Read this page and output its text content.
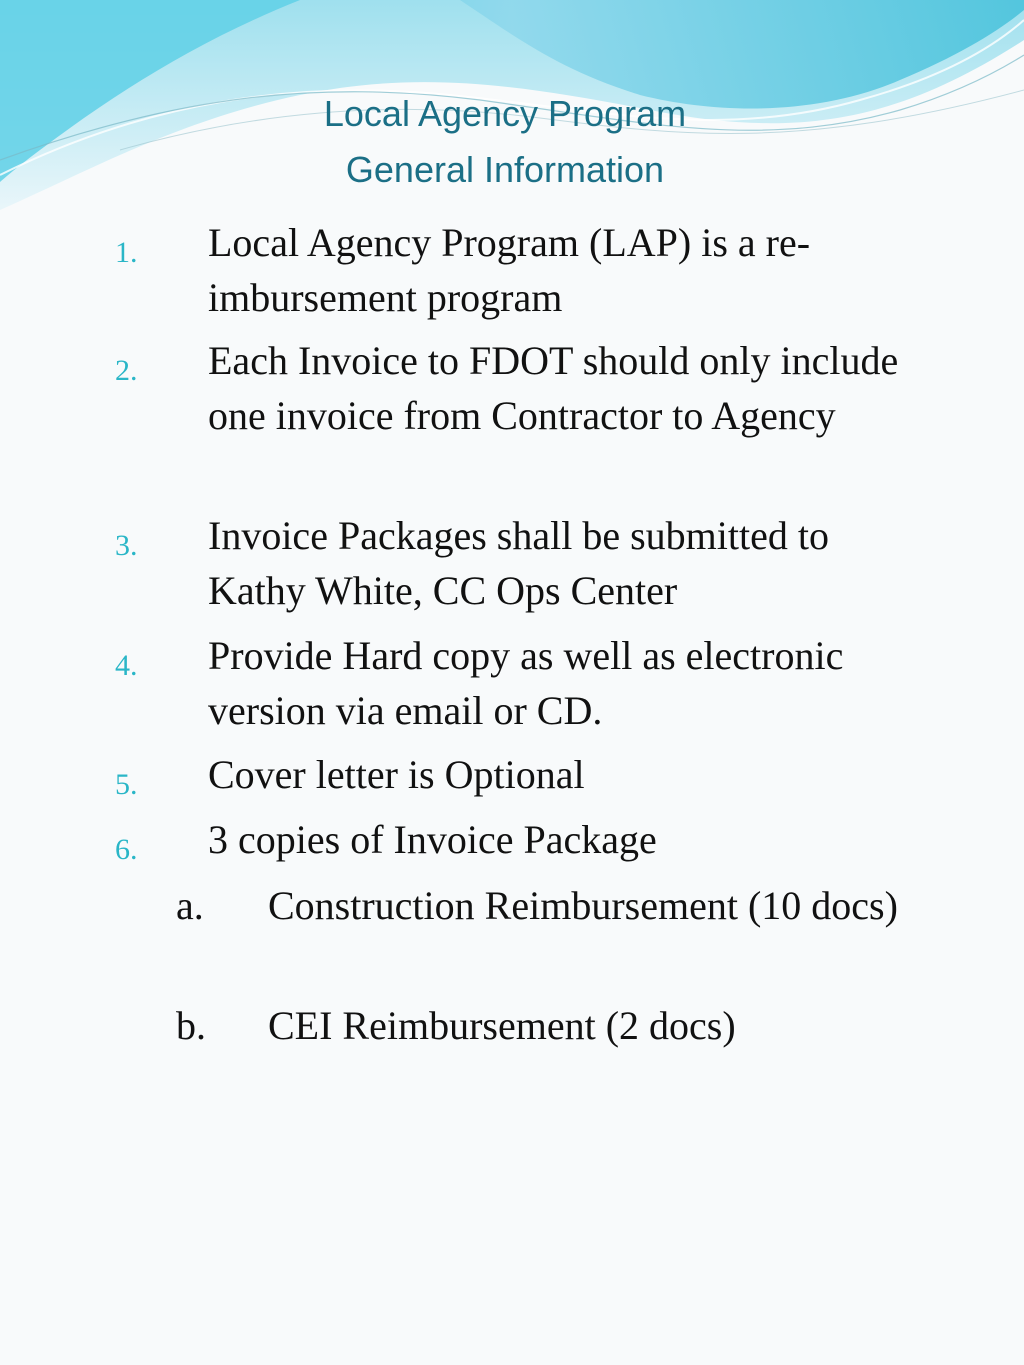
Local Agency Program
General Information
1. Local Agency Program (LAP) is a re-imbursement program
2. Each Invoice to FDOT should only include one invoice from Contractor to Agency
3. Invoice Packages shall be submitted to Kathy White, CC Ops Center
4. Provide Hard copy as well as electronic version via email or CD.
5. Cover letter is Optional
6. 3 copies of Invoice Package
a. Construction Reimbursement (10 docs)
b. CEI Reimbursement (2 docs)
